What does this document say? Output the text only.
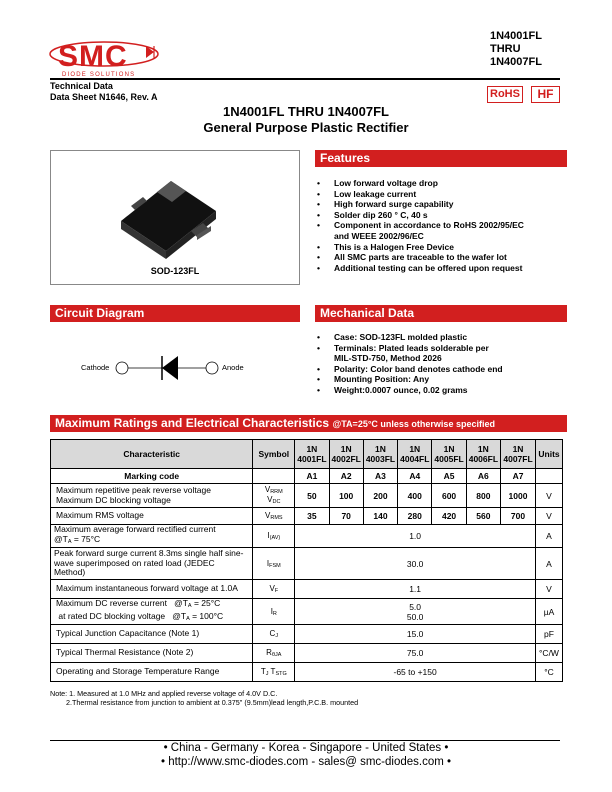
SMC
DIODE SOLUTIONS
1N4001FL
THRU
1N4007FL
Technical Data
Data Sheet N1646, Rev. A	RoHS	HF
1N4001FL THRU 1N4007FL
General Purpose Plastic Rectifier
SOD-123FL
Features
• Low forward voltage drop
• Low leakage current
• High forward surge capability
• Solder dip 260 ° C, 40 s
• Component in accordance to RoHS 2002/95/EC
and WEEE 2002/96/EC
• This is a Halogen Free Device
• All SMC parts are traceable to the wafer lot
• Additional testing can be offered upon request
Circuit Diagram
Cathode	Anode
Mechanical Data
• Case: SOD-123FL molded plastic
• Terminals: Plated leads solderable per
MIL-STD-750, Method 2026
• Polarity: Color band denotes cathode end
• Mounting Position: Any
• Weight:0.0007 ounce, 0.02 grams
Maximum Ratings and Electrical Characteristics @TA=25°C unless otherwise specified
Characteristic	Symbol	1N
4001FL	1N
4002FL	1N
4003FL	1N
4004FL	1N
4005FL	1N
4006FL	1N
4007FL	Units
Marking code		A1	A2	A3	A4	A5	A6	A7	
Maximum repetitive peak reverse voltage
Maximum DC blocking voltage	$V_{RRM}$
$V_{DC}$	50	100	200	400	600	800	1000	V
Maximum RMS voltage	$V_{RMS}$	35	70	140	280	420	560	700	V
Maximum average forward rectified current
$@T_A = 75^\circ C$	$I_{(AV)}$	1.0							A
Peak forward surge current 8.3ms single half sine-
wave superimposed on rated load (JEDEC
Method)	$I_{FSM}$	30.0							A
Maximum instantaneous forward voltage at 1.0A	$V_F$	1.1							V
Maximum DC reverse current $@T_A = 25^\circ C$
at rated DC blocking voltage $@T_A = 100^\circ C$	$I_R$	5.0
50.0							µA
Typical Junction Capacitance (Note 1)	$C_J$	15.0							pF
Typical Thermal Resistance (Note 2)	$R_{\theta JA}$	75.0							°C/W
Operating and Storage Temperature Range	$T_J$ $T_{STG}$	-65 to +150							°C
Note: 1. Measured at 1.0 MHz and applied reverse voltage of 4.0V D.C.
2.Thermal resistance from junction to ambient at 0.375" (9.5mm)lead length,P.C.B. mounted
• China - Germany - Korea - Singapore - United States •
• http://www.smc-diodes.com - sales@ smc-diodes.com •
